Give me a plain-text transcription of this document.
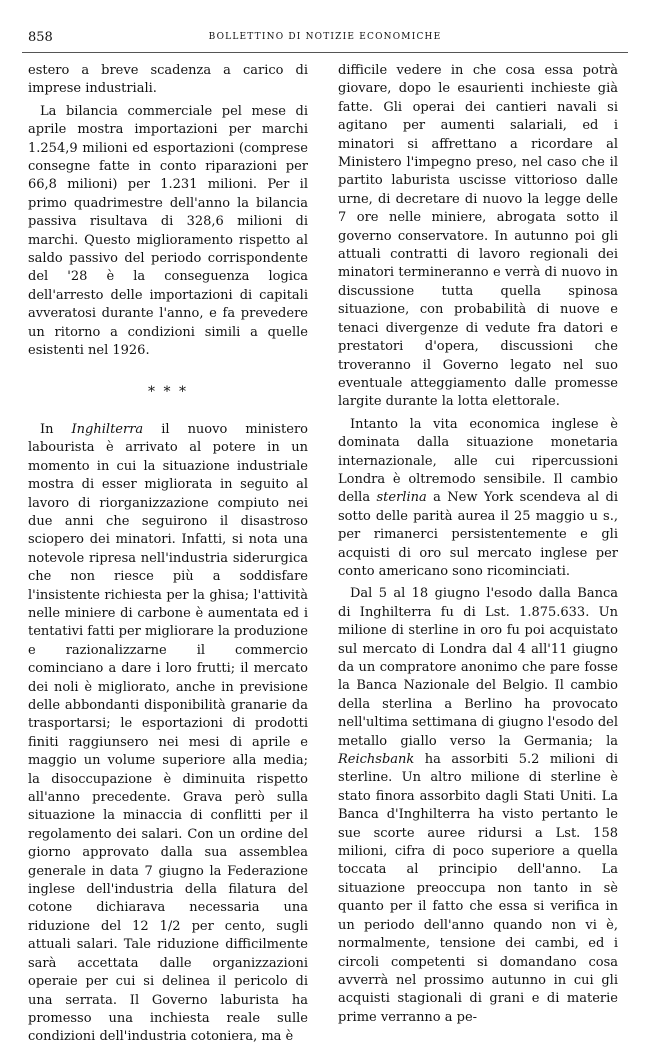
858	BOLLETTINO DI NOTIZIE ECONOMICHE

estero a breve scadenza a carico di imprese industriali.

La bilancia commerciale pel mese di aprile mostra importazioni per marchi 1.254,9 milioni ed esportazioni (comprese consegne fatte in conto riparazioni per 66,8 milioni) per 1.231 milioni. Per il primo quadrimestre dell'anno la bilancia passiva risultava di 328,6 milioni di marchi. Questo miglioramento rispetto al saldo passivo del periodo corrispondente del '28 è la conseguenza logica dell'arresto delle importazioni di capitali avveratosi durante l'anno, e fa prevedere un ritorno a condizioni simili a quelle esistenti nel 1926.

* * *

In Inghilterra il nuovo ministero labourista è arrivato al potere in un momento in cui la situazione industriale mostra di esser migliorata in seguito al lavoro di riorganizzazione compiuto nei due anni che seguirono il disastroso sciopero dei minatori. Infatti, si nota una notevole ripresa nell'industria siderurgica che non riesce più a soddisfare l'insistente richiesta per la ghisa; l'attività nelle miniere di carbone è aumentata ed i tentativi fatti per migliorare la produzione e razionalizzarne il commercio cominciano a dare i loro frutti; il mercato dei noli è migliorato, anche in previsione delle abbondanti disponibilità granarie da trasportarsi; le esportazioni di prodotti finiti raggiunsero nei mesi di aprile e maggio un volume superiore alla media; la disoccupazione è diminuita rispetto all'anno precedente. Grava però sulla situazione la minaccia di conflitti per il regolamento dei salari. Con un ordine del giorno approvato dalla sua assemblea generale in data 7 giugno la Federazione inglese dell'industria della filatura del cotone dichiarava necessaria una riduzione del 12 1/2 per cento, sugli attuali salari. Tale riduzione difficilmente sarà accettata dalle organizzazioni operaie per cui si delinea il pericolo di una serrata. Il Governo laburista ha promesso una inchiesta reale sulle condizioni dell'industria cotoniera, ma è

difficile vedere in che cosa essa potrà giovare, dopo le esaurienti inchieste già fatte. Gli operai dei cantieri navali si agitano per aumenti salariali, ed i minatori si affrettano a ricordare al Ministero l'impegno preso, nel caso che il partito laburista uscisse vittorioso dalle urne, di decretare di nuovo la legge delle 7 ore nelle miniere, abrogata sotto il governo conservatore. In autunno poi gli attuali contratti di lavoro regionali dei minatori termineranno e verrà di nuovo in discussione tutta quella spinosa situazione, con probabilità di nuove e tenaci divergenze di vedute fra datori e prestatori d'opera, discussioni che troveranno il Governo legato nel suo eventuale atteggiamento dalle promesse largite durante la lotta elettorale.

Intanto la vita economica inglese è dominata dalla situazione monetaria internazionale, alle cui ripercussioni Londra è oltremodo sensibile. Il cambio della sterlina a New York scendeva al di sotto delle parità aurea il 25 maggio u s., per rimanerci persistentemente e gli acquisti di oro sul mercato inglese per conto americano sono ricominciati.

Dal 5 al 18 giugno l'esodo dalla Banca di Inghilterra fu di Lst. 1.875.633. Un milione di sterline in oro fu poi acquistato sul mercato di Londra dal 4 all'11 giugno da un compratore anonimo che pare fosse la Banca Nazionale del Belgio. Il cambio della sterlina a Berlino ha provocato nell'ultima settimana di giugno l'esodo del metallo giallo verso la Germania; la Reichsbank ha assorbiti 5.2 milioni di sterline. Un altro milione di sterline è stato finora assorbito dagli Stati Uniti. La Banca d'Inghilterra ha visto pertanto le sue scorte auree ridursi a Lst. 158 milioni, cifra di poco superiore a quella toccata al principio dell'anno. La situazione preoccupa non tanto in sè quanto per il fatto che essa si verifica in un periodo dell'anno quando non vi è, normalmente, tensione dei cambi, ed i circoli competenti si domandano cosa avverrà nel prossimo autunno in cui gli acquisti stagionali di grani e di materie prime verranno a pe-
